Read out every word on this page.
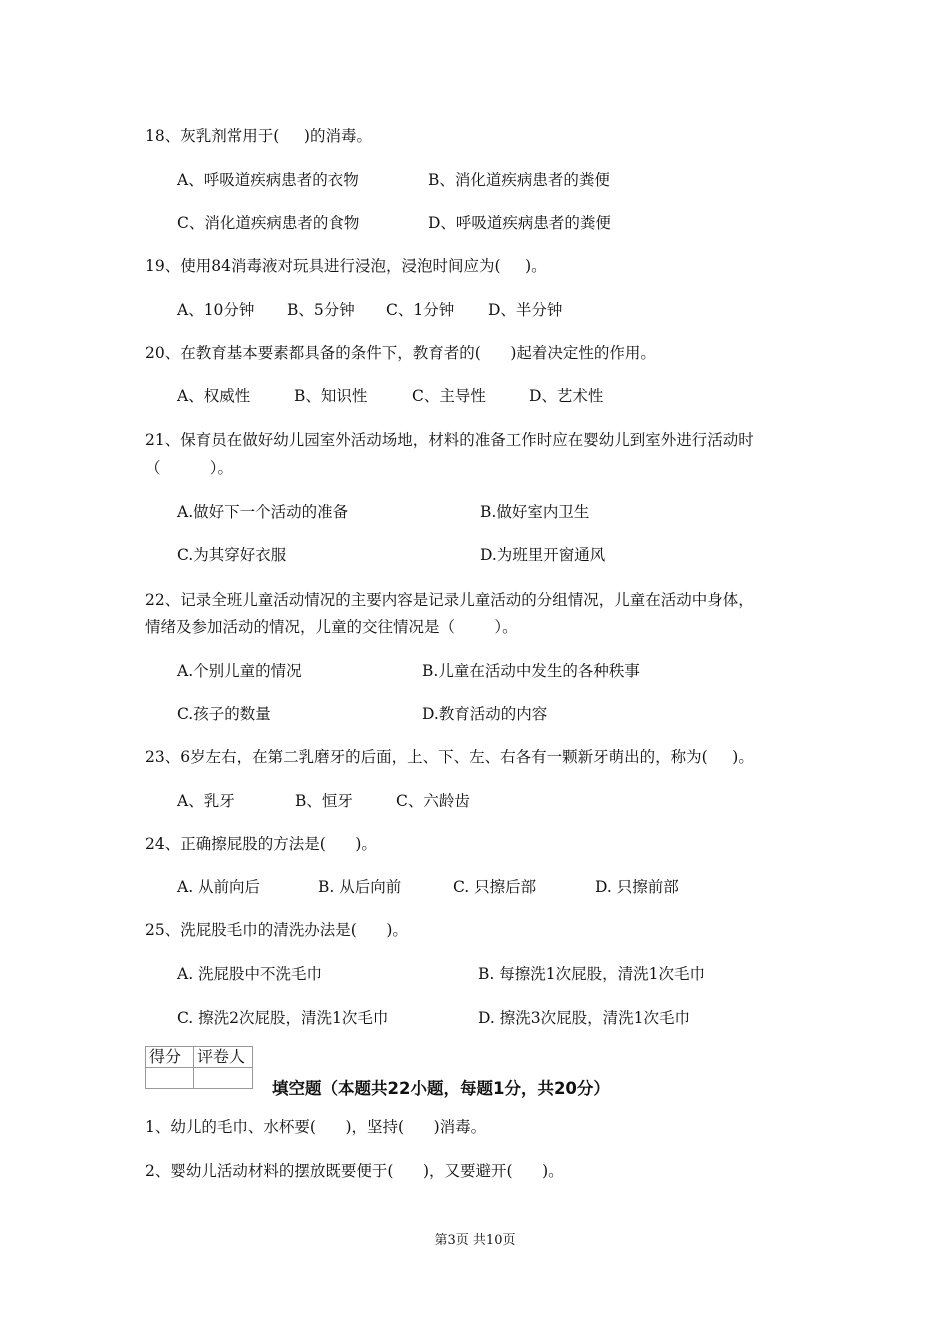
18、灰乳剂常用于(     )的消毒。
A、呼吸道疾病患者的衣物	B、消化道疾病患者的粪便
C、消化道疾病患者的食物	D、呼吸道疾病患者的粪便
19、使用84消毒液对玩具进行浸泡，浸泡时间应为(     )。
A、10分钟 B、5分钟 C、1分钟 D、半分钟
20、在教育基本要素都具备的条件下，教育者的(      )起着决定性的作用。
A、权威性	B、知识性	C、主导性	D、艺术性
21、保育员在做好幼儿园室外活动场地，材料的准备工作时应在婴幼儿到室外进行活动时
（          ）。
A.做好下一个活动的准备	B.做好室内卫生
C.为其穿好衣服	D.为班里开窗通风
22、记录全班儿童活动情况的主要内容是记录儿童活动的分组情况，儿童在活动中身体，
情绪及参加活动的情况，儿童的交往情况是（        ）。
A.个别儿童的情况	B.儿童在活动中发生的各种秩事
C.孩子的数量	D.教育活动的内容
23、6岁左右，在第二乳磨牙的后面，上、下、左、右各有一颗新牙萌出的，称为(     )。
A、乳牙	B、恒牙	C、六龄齿
24、正确擦屁股的方法是(      )。
A. 从前向后	B. 从后向前	C. 只擦后部	D. 只擦前部
25、洗屁股毛巾的清洗办法是(      )。
A. 洗屁股中不洗毛巾	B. 每擦洗1次屁股，清洗1次毛巾
C. 擦洗2次屁股，清洗1次毛巾	D. 擦洗3次屁股，清洗1次毛巾
得分	评卷人

填空题（本题共22小题，每题1分，共20分）
1、幼儿的毛巾、水杯要(      )，坚持(      )消毒。
2、婴幼儿活动材料的摆放既要便于(      )，又要避开(      )。
第3页 共10页
